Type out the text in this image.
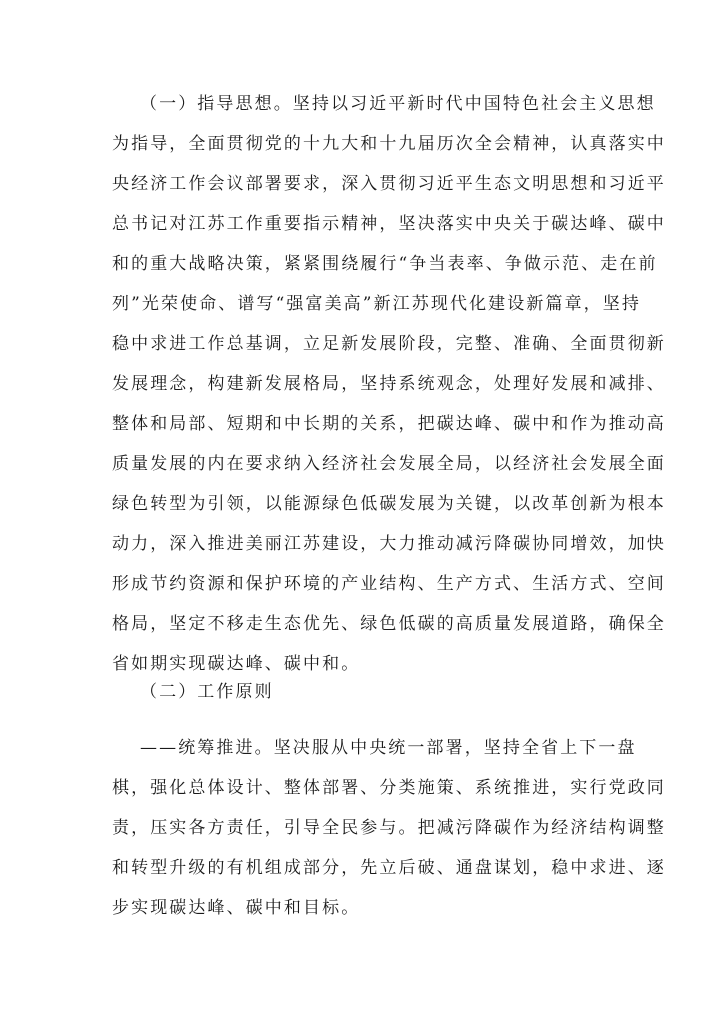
（一）指导思想。坚持以习近平新时代中国特色社会主义思想
为指导，全面贯彻党的十九大和十九届历次全会精神，认真落实中
央经济工作会议部署要求，深入贯彻习近平生态文明思想和习近平
总书记对江苏工作重要指示精神，坚决落实中央关于碳达峰、碳中
和的重大战略决策，紧紧围绕履行“争当表率、争做示范、走在前
列”光荣使命、谱写“强富美高”新江苏现代化建设新篇章，坚持
稳中求进工作总基调，立足新发展阶段，完整、准确、全面贯彻新
发展理念，构建新发展格局，坚持系统观念，处理好发展和减排、
整体和局部、短期和中长期的关系，把碳达峰、碳中和作为推动高
质量发展的内在要求纳入经济社会发展全局，以经济社会发展全面
绿色转型为引领，以能源绿色低碳发展为关键，以改革创新为根本
动力，深入推进美丽江苏建设，大力推动减污降碳协同增效，加快
形成节约资源和保护环境的产业结构、生产方式、生活方式、空间
格局，坚定不移走生态优先、绿色低碳的高质量发展道路，确保全
省如期实现碳达峰、碳中和。
（二）工作原则
——统筹推进。坚决服从中央统一部署，坚持全省上下一盘
棋，强化总体设计、整体部署、分类施策、系统推进，实行党政同
责，压实各方责任，引导全民参与。把减污降碳作为经济结构调整
和转型升级的有机组成部分，先立后破、通盘谋划，稳中求进、逐
步实现碳达峰、碳中和目标。
